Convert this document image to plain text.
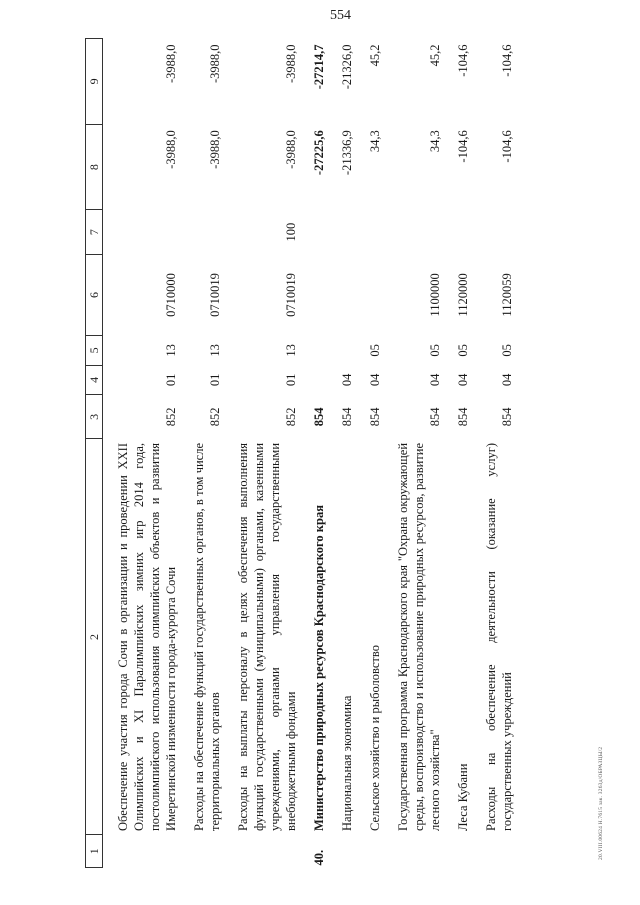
554
20.VIII.00624 H.7615 зак. 3263д/ОБРАЗЦЫ/2
1	2	3	4	5	6	7	8	9

	Обеспечение участия города Сочи в организации и проведении XXII Олимпийских и XI Паралимпийских зимних игр 2014 года, постолимпийского использования олимпийских объектов и развития Имеретинской низменности города-курорта Сочи	852	01	13	0710000		-3988,0	-3988,0

	Расходы на обеспечение функций государственных органов, в том числе территориальных органов	852	01	13	0710019		-3988,0	-3988,0

	Расходы на выплаты персоналу в целях обеспечения выполнения функций государственными (муниципальными) органами, казенными учреждениями, органами управления государственными внебюджетными фондами	852	01	13	0710019	100	-3988,0	-3988,0

40.	Министерство природных ресурсов Краснодарского края	854					-27225,6	-27214,7

	Национальная экономика	854	04				-21336,9	-21326,0

	Сельское хозяйство и рыболовство	854	04	05			34,3	45,2

	Государственная программа Краснодарского края "Охрана окружающей среды, воспроизводство и использование природных ресурсов, развитие лесного хозяйства"	854	04	05	1100000		34,3	45,2

	Леса Кубани	854	04	05	1120000		-104,6	-104,6

	Расходы на обеспечение деятельности (оказание услуг) государственных учреждений	854	04	05	1120059		-104,6	-104,6
